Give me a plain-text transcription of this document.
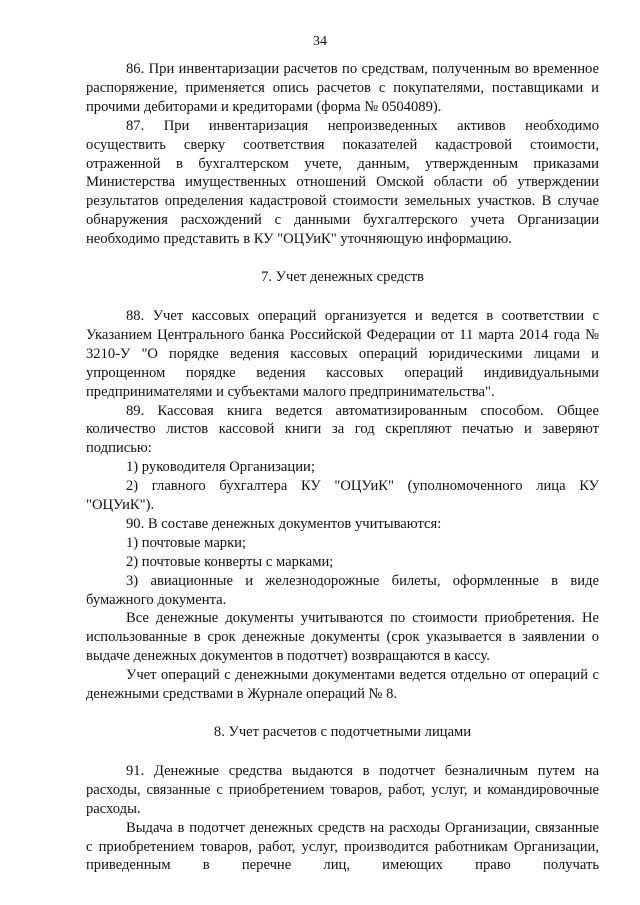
34

86. При инвентаризации расчетов по средствам, полученным во временное распоряжение, применяется опись расчетов с покупателями, поставщиками и прочими дебиторами и кредиторами (форма № 0504089).

87. При инвентаризация непроизведенных активов необходимо осуществить сверку соответствия показателей кадастровой стоимости, отраженной в бухгалтерском учете, данным, утвержденным приказами Министерства имущественных отношений Омской области об утверждении результатов определения кадастровой стоимости земельных участков. В случае обнаружения расхождений с данными бухгалтерского учета Организации необходимо представить в КУ "ОЦУиК" уточняющую информацию.

7. Учет денежных средств

88. Учет кассовых операций организуется и ведется в соответствии с Указанием Центрального банка Российской Федерации от 11 марта 2014 года № 3210-У "О порядке ведения кассовых операций юридическими лицами и упрощенном порядке ведения кассовых операций индивидуальными предпринимателями и субъектами малого предпринимательства".

89. Кассовая книга ведется автоматизированным способом. Общее количество листов кассовой книги за год скрепляют печатью и заверяют подписью:

1) руководителя Организации;

2) главного бухгалтера КУ "ОЦУиК" (уполномоченного лица КУ "ОЦУиК").

90. В составе денежных документов учитываются:

1) почтовые марки;

2) почтовые конверты с марками;

3) авиационные и железнодорожные билеты, оформленные в виде бумажного документа.

Все денежные документы учитываются по стоимости приобретения. Не использованные в срок денежные документы (срок указывается в заявлении о выдаче денежных документов в подотчет) возвращаются в кассу.

Учет операций с денежными документами ведется отдельно от операций с денежными средствами в Журнале операций № 8.

8. Учет расчетов с подотчетными лицами

91. Денежные средства выдаются в подотчет безналичным путем на расходы, связанные с приобретением товаров, работ, услуг, и командировочные расходы.

Выдача в подотчет денежных средств на расходы Организации, связанные с приобретением товаров, работ, услуг, производится работникам Организации, приведенным в перечне лиц, имеющих право получать
